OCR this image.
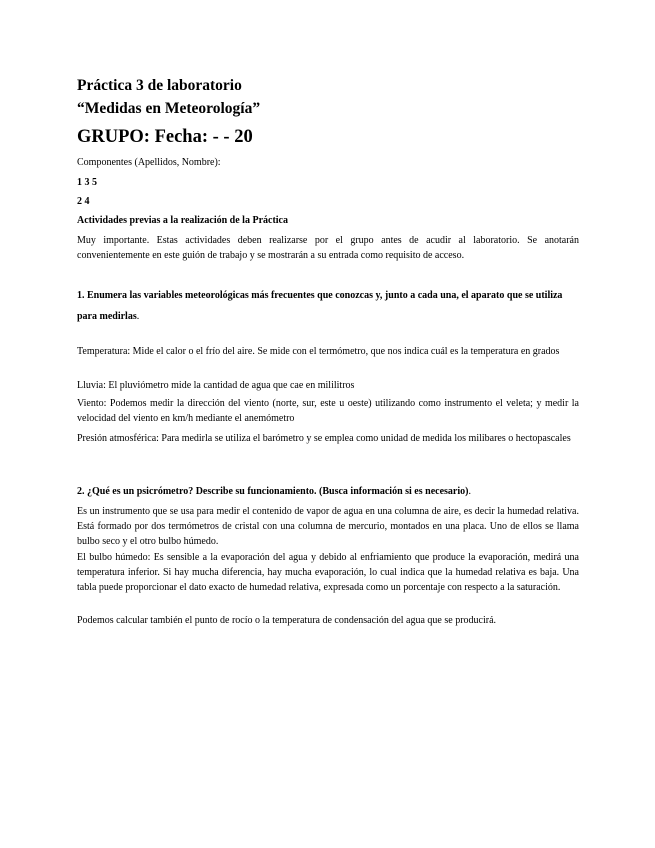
Práctica 3 de laboratorio
“Medidas en Meteorología”
GRUPO: Fecha: - - 20
Componentes (Apellidos, Nombre):
1 3 5
2 4
Actividades previas a la realización de la Práctica
Muy importante. Estas actividades deben realizarse por el grupo antes de acudir al laboratorio. Se anotarán convenientemente en este guión de trabajo y se mostrarán a su entrada como requisito de acceso.
1. Enumera las variables meteorológicas más frecuentes que conozcas y, junto a cada una, el aparato que se utiliza para medirlas.
Temperatura: Mide el calor o el frío del aire. Se mide con el termómetro, que nos indica cuál es la temperatura en grados
Lluvia: El pluviómetro mide la cantidad de agua que cae en mililitros
Viento: Podemos medir la dirección del viento (norte, sur, este u oeste) utilizando como instrumento el veleta; y medir la velocidad del viento en km/h mediante el anemómetro
Presión atmosférica: Para medirla se utiliza el barómetro y se emplea como unidad de medida los milibares o hectopascales
2. ¿Qué es un psicrómetro? Describe su funcionamiento. (Busca información si es necesario).
Es un instrumento que se usa para medir el contenido de vapor de agua en una columna de aire, es decir la humedad relativa. Está formado por dos termómetros de cristal con una columna de mercurio, montados en una placa. Uno de ellos se llama bulbo seco y el otro bulbo húmedo.
El bulbo húmedo: Es sensible a la evaporación del agua y debido al enfriamiento que produce la evaporación, medirá una temperatura inferior. Si hay mucha diferencia, hay mucha evaporación, lo cual indica que la humedad relativa es baja. Una tabla puede proporcionar el dato exacto de humedad relativa, expresada como un porcentaje con respecto a la saturación.
Podemos calcular también el punto de rocío o la temperatura de condensación del agua que se producirá.
